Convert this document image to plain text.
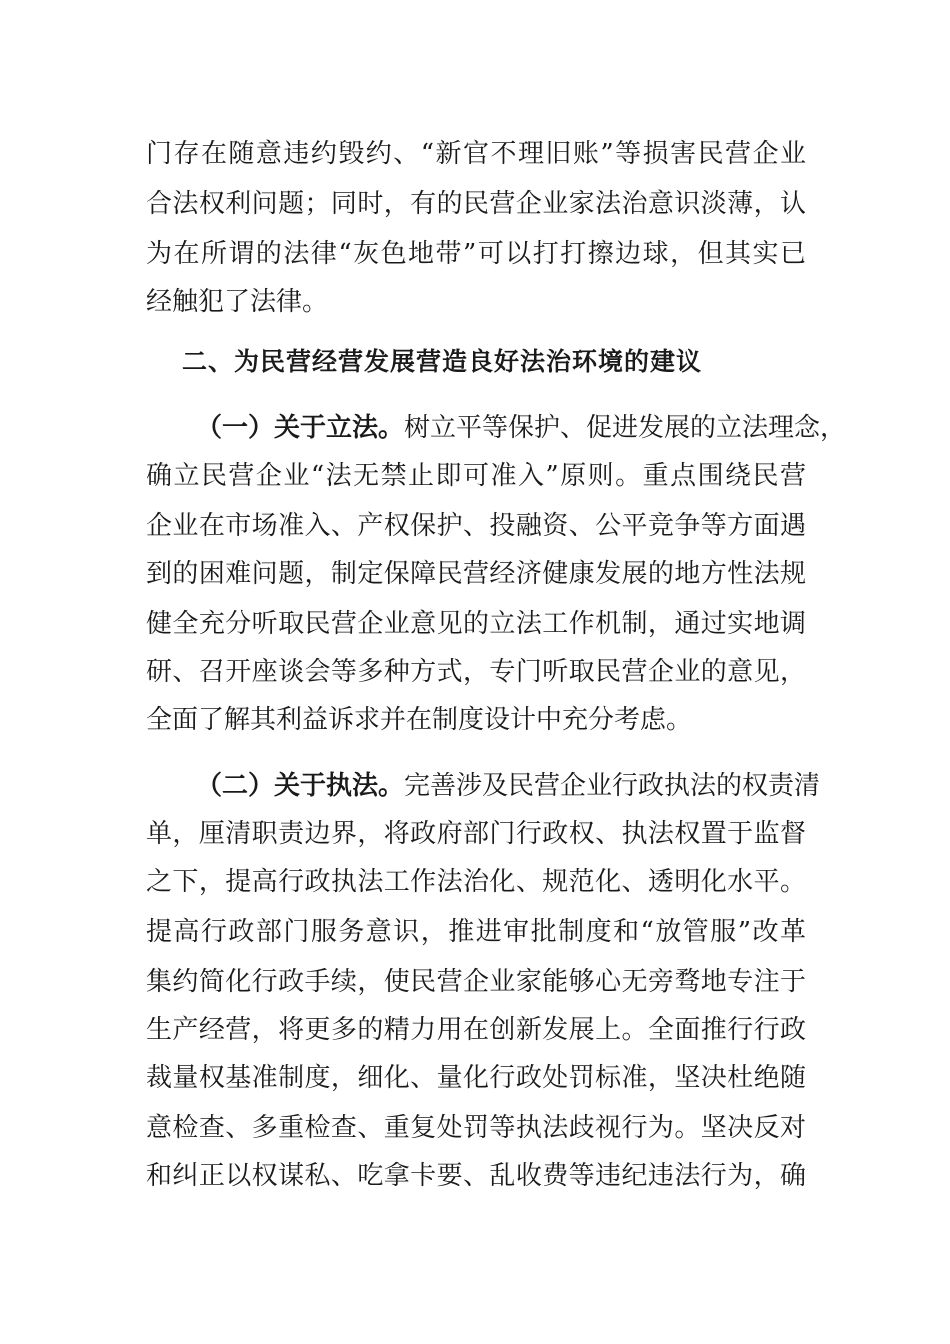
门存在随意违约毁约、“新官不理旧账”等损害民营企业
合法权利问题；同时，有的民营企业家法治意识淡薄，认
为在所谓的法律“灰色地带”可以打打擦边球，但其实已
经触犯了法律。
二、为民营经营发展营造良好法治环境的建议
（一）关于立法。树立平等保护、促进发展的立法理念，
确立民营企业“法无禁止即可准入”原则。重点围绕民营
企业在市场准入、产权保护、投融资、公平竞争等方面遇
到的困难问题，制定保障民营经济健康发展的地方性法规
健全充分听取民营企业意见的立法工作机制，通过实地调
研、召开座谈会等多种方式，专门听取民营企业的意见，
全面了解其利益诉求并在制度设计中充分考虑。
（二）关于执法。完善涉及民营企业行政执法的权责清
单，厘清职责边界，将政府部门行政权、执法权置于监督
之下，提高行政执法工作法治化、规范化、透明化水平。
提高行政部门服务意识，推进审批制度和“放管服”改革
集约简化行政手续，使民营企业家能够心无旁骛地专注于
生产经营，将更多的精力用在创新发展上。全面推行行政
裁量权基准制度，细化、量化行政处罚标准，坚决杜绝随
意检查、多重检查、重复处罚等执法歧视行为。坚决反对
和纠正以权谋私、吃拿卡要、乱收费等违纪违法行为，确
